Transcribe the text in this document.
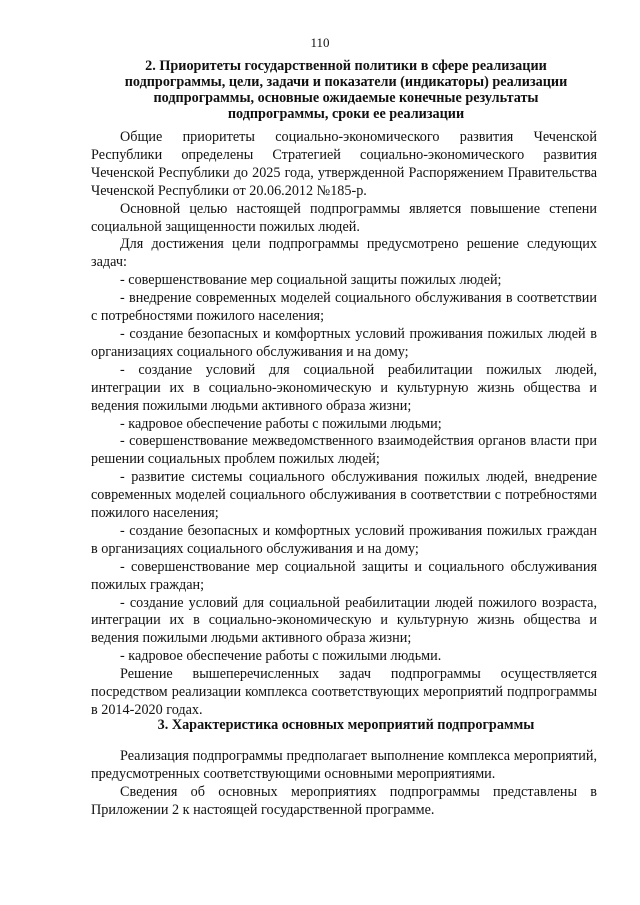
110
2. Приоритеты государственной политики в сфере реализации
подпрограммы, цели, задачи и показатели (индикаторы) реализации
подпрограммы, основные ожидаемые конечные результаты
подпрограммы, сроки ее реализации
Общие приоритеты социально-экономического развития Чеченской Республики определены Стратегией социально-экономического развития Чеченской Республики до 2025 года, утвержденной Распоряжением Правительства Чеченской Республики от 20.06.2012 №185-р.
Основной целью настоящей подпрограммы является повышение степени социальной защищенности пожилых людей.
Для достижения цели подпрограммы предусмотрено решение следующих задач:
- совершенствование мер социальной защиты пожилых людей;
- внедрение современных моделей социального обслуживания в соответствии с потребностями пожилого населения;
- создание безопасных и комфортных условий проживания пожилых людей в организациях социального обслуживания и на дому;
- создание условий для социальной реабилитации пожилых людей, интеграции их в социально-экономическую и культурную жизнь общества и ведения пожилыми людьми активного образа жизни;
- кадровое обеспечение работы с пожилыми людьми;
- совершенствование межведомственного взаимодействия органов власти при решении социальных проблем пожилых людей;
- развитие системы социального обслуживания пожилых людей, внедрение современных моделей социального обслуживания в соответствии с потребностями пожилого населения;
- создание безопасных и комфортных условий проживания пожилых граждан в организациях социального обслуживания и на дому;
- совершенствование мер социальной защиты и социального обслуживания пожилых граждан;
- создание условий для социальной реабилитации людей пожилого возраста, интеграции их в социально-экономическую и культурную жизнь общества и ведения пожилыми людьми активного образа жизни;
- кадровое обеспечение работы с пожилыми людьми.
Решение вышеперечисленных задач подпрограммы осуществляется посредством реализации комплекса соответствующих мероприятий подпрограммы в 2014-2020 годах.
3. Характеристика основных мероприятий подпрограммы
Реализация подпрограммы предполагает выполнение комплекса мероприятий, предусмотренных соответствующими основными мероприятиями.
Сведения об основных мероприятиях подпрограммы представлены в Приложении 2 к настоящей государственной программе.
